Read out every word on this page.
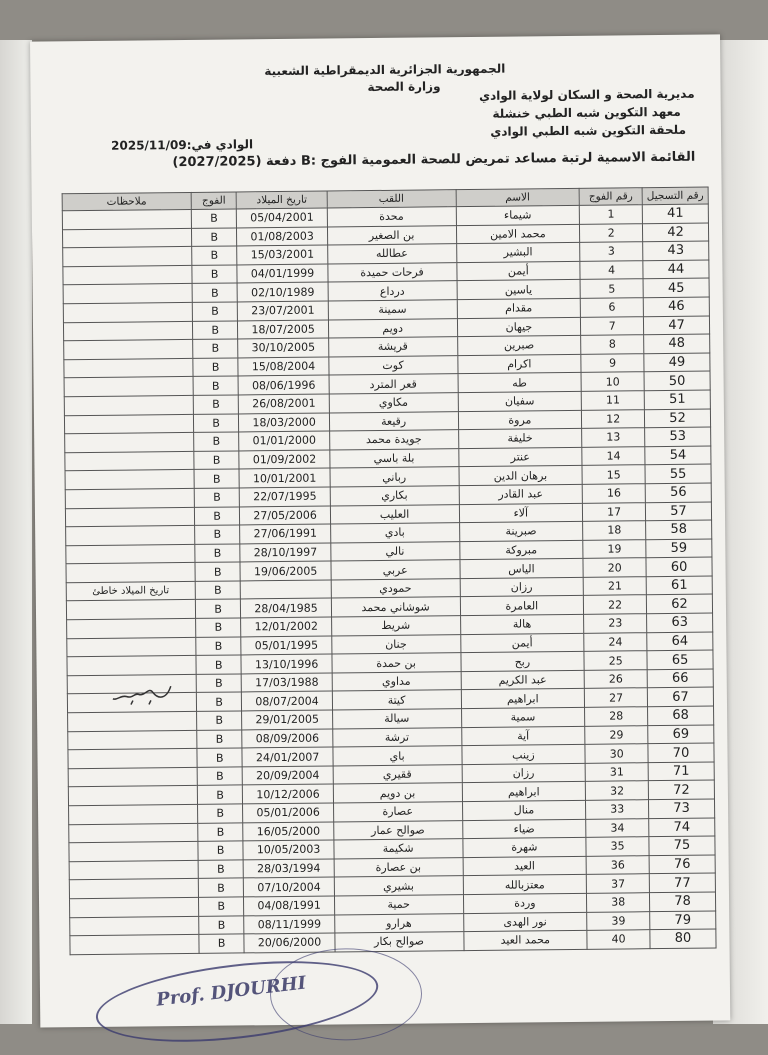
الجمهورية الجزائرية الديمقراطية الشعبية
وزارة الصحة	مديرية الصحة و السكان لولاية الوادي
معهد التكوين شبه الطبي خنشلة
ملحقة التكوين شبه الطبي الوادي
الوادي في:2025/11/09
القائمة الاسمية لرتبة مساعد تمريض للصحة العمومية الفوج :B دفعة (2027/2025)
رقم التسجيل	رقم الفوج	الاسم	اللقب	تاريخ الميلاد	الفوج	ملاحظات
41	1	شيماء	محدة	05/04/2001	B	
42	2	محمد الامين	بن الصغير	01/08/2003	B	
43	3	البشير	عطالله	15/03/2001	B	
44	4	أيمن	فرحات حميدة	04/01/1999	B	
45	5	ياسين	درداع	02/10/1989	B	
46	6	مقدام	سمينة	23/07/2001	B	
47	7	جيهان	دويم	18/07/2005	B	
48	8	صبرين	قريشة	30/10/2005	B	
49	9	اكرام	كوت	15/08/2004	B	
50	10	طه	قعر المترد	08/06/1996	B	
51	11	سفيان	مكاوي	26/08/2001	B	
52	12	مروة	رقيعة	18/03/2000	B	
53	13	خليفة	جويدة محمد	01/01/2000	B	
54	14	عنتر	بلة باسي	01/09/2002	B	
55	15	برهان الدين	رباني	10/01/2001	B	
56	16	عبد القادر	بكاري	22/07/1995	B	
57	17	آلاء	العليب	27/05/2006	B	
58	18	صبرينة	بادي	27/06/1991	B	
59	19	مبروكة	نالي	28/10/1997	B	
60	20	الياس	عربي	19/06/2005	B	
61	21	رزان	حمودي		B	تاريخ الميلاد خاطئ
62	22	العامرة	شوشاني محمد	28/04/1985	B	
63	23	هالة	شريط	12/01/2002	B	
64	24	أيمن	جنان	05/01/1995	B	
65	25	ربح	بن حمدة	13/10/1996	B	
66	26	عبد الكريم	مداوي	17/03/1988	B	
67	27	ابراهيم	كيتة	08/07/2004	B	
68	28	سمية	سيالة	29/01/2005	B	
69	29	آية	ترشة	08/09/2006	B	
70	30	زينب	باي	24/01/2007	B	
71	31	رزان	ققيري	20/09/2004	B	
72	32	ابراهيم	بن دويم	10/12/2006	B	
73	33	منال	عصارة	05/01/2006	B	
74	34	ضياء	صوالح عمار	16/05/2000	B	
75	35	شهرة	شكيمة	10/05/2003	B	
76	36	العيد	بن عصارة	28/03/1994	B	
77	37	معتزبالله	بشيري	07/10/2004	B	
78	38	وردة	حمية	04/08/1991	B	
79	39	نور الهدى	هرارو	08/11/1999	B	
80	40	محمد العيد	صوالح بكار	20/06/2000	B	
Prof. DJOURHI
